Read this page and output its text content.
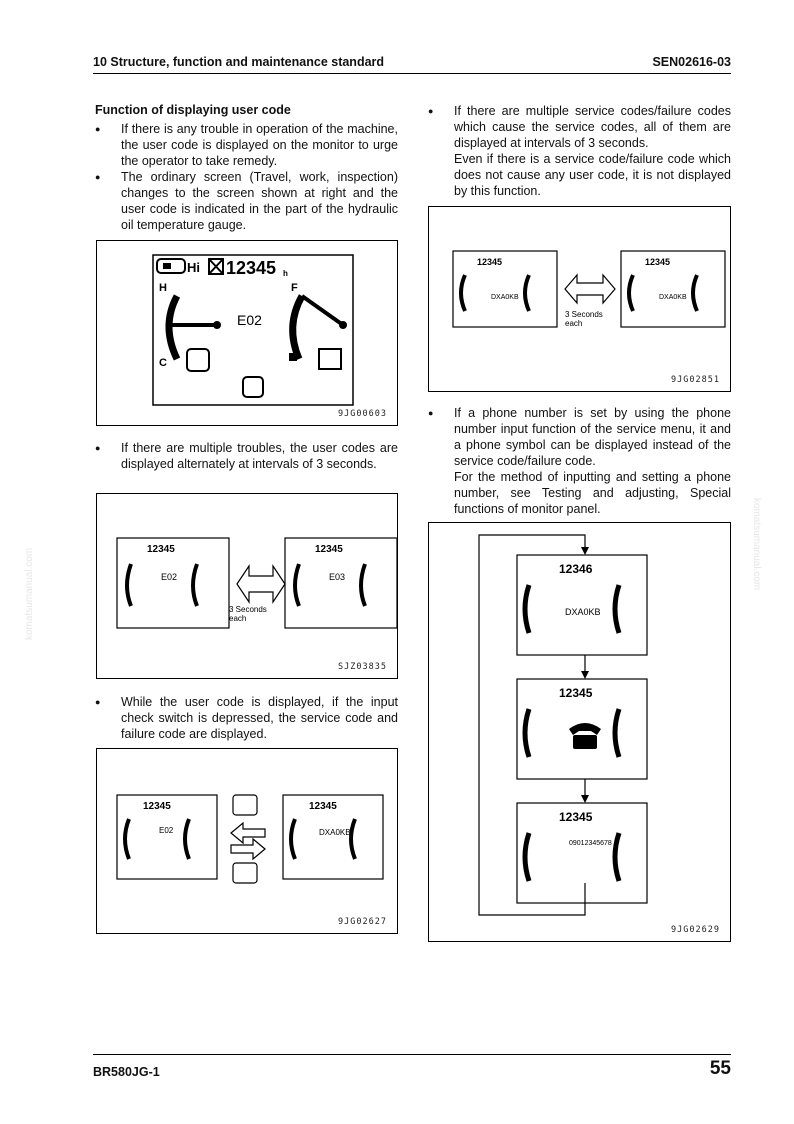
10 Structure, function and maintenance standard	SEN02616-03
komatsumanual.com
komatsumanual.com
Function of displaying user code
● If there is any trouble in operation of the machine, the user code is displayed on the monitor to urge the operator to take remedy.
● The ordinary screen (Travel, work, inspection) changes to the screen shown at right and the user code is indicated in the part of the hydraulic oil temperature gauge.
Hi 12345 h
H
C
E02
F
9JG00603
● If there are multiple troubles, the user codes are displayed alternately at intervals of 3 seconds.
12345
E02
3 Seconds
each
12345
E03
SJZ03835
● While the user code is displayed, if the input check switch is depressed, the service code and failure code are displayed.
12345
E02
12345
DXA0KB
9JG02627
● If there are multiple service codes/failure codes which cause the service codes, all of them are displayed at intervals of 3 seconds.
Even if there is a service code/failure code which does not cause any user code, it is not displayed by this function.
12345
DXA0KB
3 Seconds
each
12345
DXA0KB
9JG02851
● If a phone number is set by using the phone number input function of the service menu, it and a phone symbol can be displayed instead of the service code/failure code.
For the method of inputting and setting a phone number, see Testing and adjusting, Special functions of monitor panel.
12346
DXA0KB
12345
12345
09012345678
9JG02629
BR580JG-1	55
